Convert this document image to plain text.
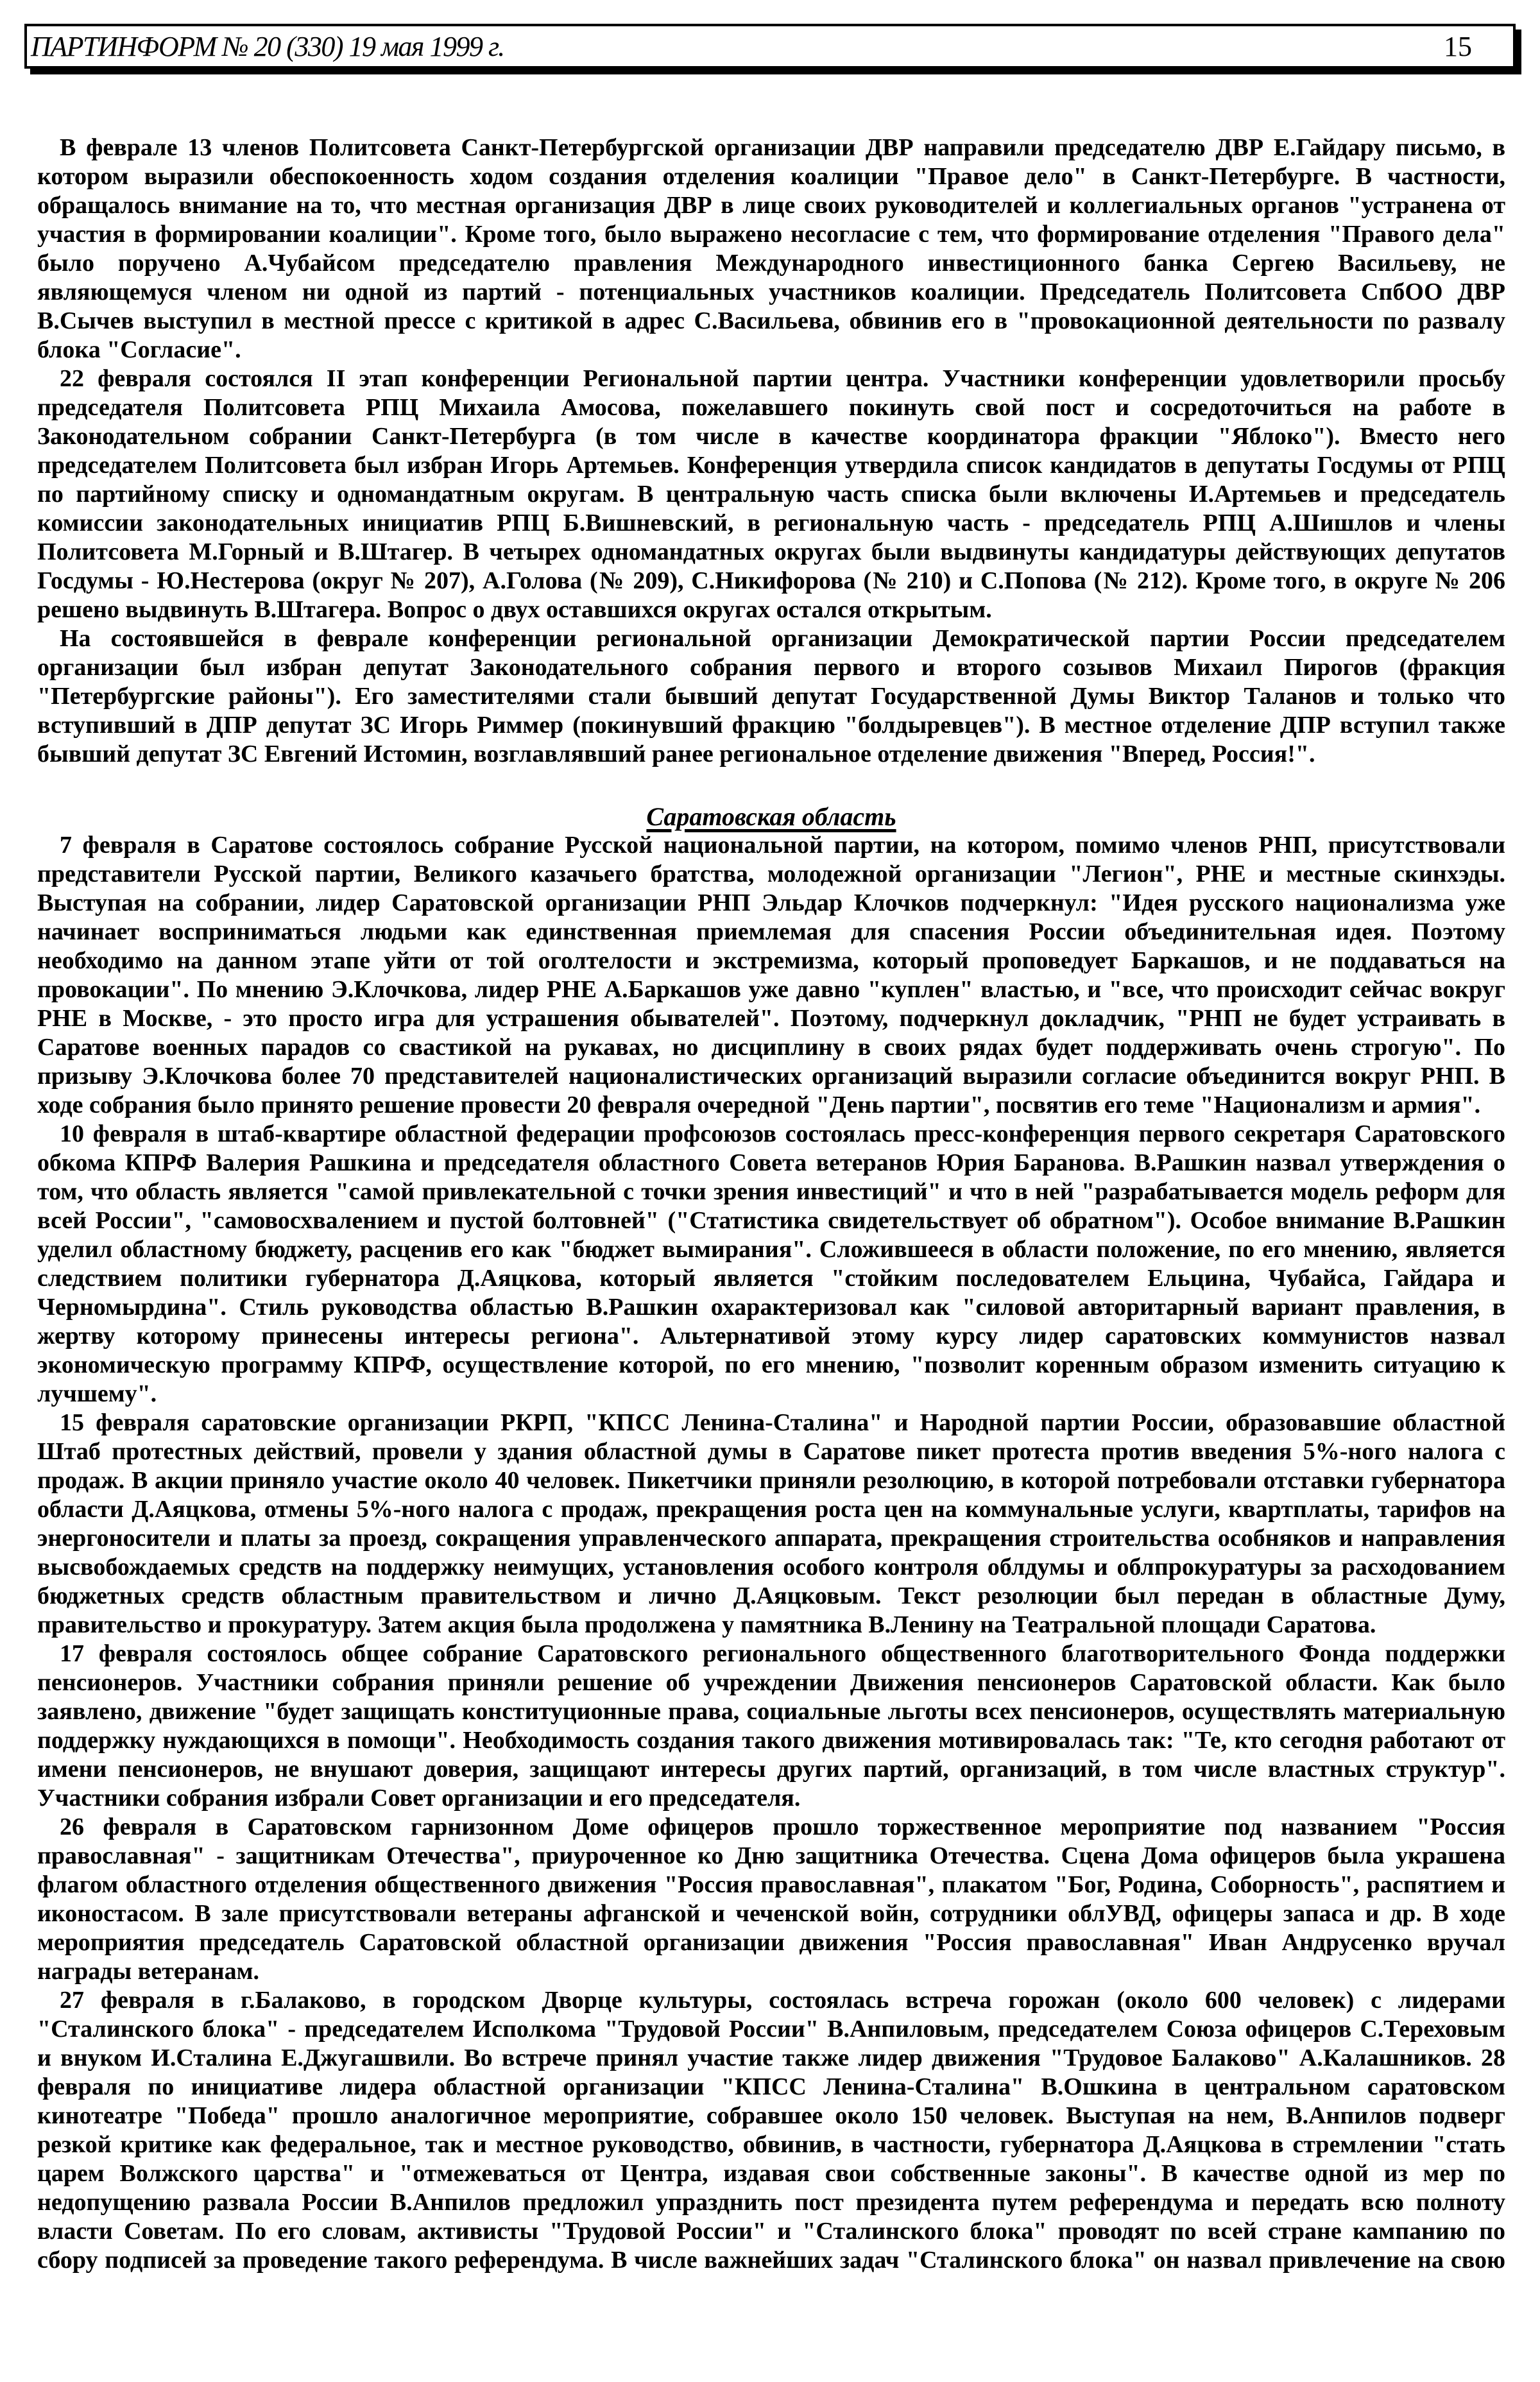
ПАРТИНФОРМ № 20 (330) 19 мая 1999 г.	15
В феврале 13 членов Политсовета Санкт-Петербургской организации ДВР направили председателю ДВР Е.Гайдару письмо, в
котором выразили обеспокоенность ходом создания отделения коалиции "Правое дело" в Санкт-Петербурге. В частности,
обращалось внимание на то, что местная организация ДВР в лице своих руководителей и коллегиальных органов "устранена от
участия в формировании коалиции". Кроме того, было выражено несогласие с тем, что формирование отделения "Правого дела"
было поручено А.Чубайсом председателю правления Международного инвестиционного банка Сергею Васильеву, не
являющемуся членом ни одной из партий - потенциальных участников коалиции. Председатель Политсовета СпбОО ДВР
В.Сычев выступил в местной прессе с критикой в адрес С.Васильева, обвинив его в "провокационной деятельности по развалу
блока "Согласие".
22 февраля состоялся II этап конференции Региональной партии центра. Участники конференции удовлетворили просьбу
председателя Политсовета РПЦ Михаила Амосова, пожелавшего покинуть свой пост и сосредоточиться на работе в
Законодательном собрании Санкт-Петербурга (в том числе в качестве координатора фракции "Яблоко"). Вместо него
председателем Политсовета был избран Игорь Артемьев. Конференция утвердила список кандидатов в депутаты Госдумы от РПЦ
по партийному списку и одномандатным округам. В центральную часть списка были включены И.Артемьев и председатель
комиссии законодательных инициатив РПЦ Б.Вишневский, в региональную часть - председатель РПЦ А.Шишлов и члены
Политсовета М.Горный и В.Штагер. В четырех одномандатных округах были выдвинуты кандидатуры действующих депутатов
Госдумы - Ю.Нестерова (округ № 207), А.Голова (№ 209), С.Никифорова (№ 210) и С.Попова (№ 212). Кроме того, в округе № 206
решено выдвинуть В.Штагера. Вопрос о двух оставшихся округах остался открытым.
На состоявшейся в феврале конференции региональной организации Демократической партии России председателем
организации был избран депутат Законодательного собрания первого и второго созывов Михаил Пирогов (фракция
"Петербургские районы"). Его заместителями стали бывший депутат Государственной Думы Виктор Таланов и только что
вступивший в ДПР депутат ЗС Игорь Риммер (покинувший фракцию "болдыревцев"). В местное отделение ДПР вступил также
бывший депутат ЗС Евгений Истомин, возглавлявший ранее региональное отделение движения "Вперед, Россия!".
Саратовская область
7 февраля в Саратове состоялось собрание Русской национальной партии, на котором, помимо членов РНП, присутствовали
представители Русской партии, Великого казачьего братства, молодежной организации "Легион", РНЕ и местные скинхэды.
Выступая на собрании, лидер Саратовской организации РНП Эльдар Клочков подчеркнул: "Идея русского национализма уже
начинает восприниматься людьми как единственная приемлемая для спасения России объединительная идея. Поэтому
необходимо на данном этапе уйти от той оголтелости и экстремизма, который проповедует Баркашов, и не поддаваться на
провокации". По мнению Э.Клочкова, лидер РНЕ А.Баркашов уже давно "куплен" властью, и "все, что происходит сейчас вокруг
РНЕ в Москве, - это просто игра для устрашения обывателей". Поэтому, подчеркнул докладчик, "РНП не будет устраивать в
Саратове военных парадов со свастикой на рукавах, но дисциплину в своих рядах будет поддерживать очень строгую". По
призыву Э.Клочкова более 70 представителей националистических организаций выразили согласие объединится вокруг РНП. В
ходе собрания было принято решение провести 20 февраля очередной "День партии", посвятив его теме "Национализм и армия".
10 февраля в штаб-квартире областной федерации профсоюзов состоялась пресс-конференция первого секретаря Саратовского
обкома КПРФ Валерия Рашкина и председателя областного Совета ветеранов Юрия Баранова. В.Рашкин назвал утверждения о
том, что область является "самой привлекательной с точки зрения инвестиций" и что в ней "разрабатывается модель реформ для
всей России", "самовосхвалением и пустой болтовней" ("Статистика свидетельствует об обратном"). Особое внимание В.Рашкин
уделил областному бюджету, расценив его как "бюджет вымирания". Сложившееся в области положение, по его мнению, является
следствием политики губернатора Д.Аяцкова, который является "стойким последователем Ельцина, Чубайса, Гайдара и
Черномырдина". Стиль руководства областью В.Рашкин охарактеризовал как "силовой авторитарный вариант правления, в
жертву которому принесены интересы региона". Альтернативой этому курсу лидер саратовских коммунистов назвал
экономическую программу КПРФ, осуществление которой, по его мнению, "позволит коренным образом изменить ситуацию к
лучшему".
15 февраля саратовские организации РКРП, "КПСС Ленина-Сталина" и Народной партии России, образовавшие областной
Штаб протестных действий, провели у здания областной думы в Саратове пикет протеста против введения 5%-ного налога с
продаж. В акции приняло участие около 40 человек. Пикетчики приняли резолюцию, в которой потребовали отставки губернатора
области Д.Аяцкова, отмены 5%-ного налога с продаж, прекращения роста цен на коммунальные услуги, квартплаты, тарифов на
энергоносители и платы за проезд, сокращения управленческого аппарата, прекращения строительства особняков и направления
высвобождаемых средств на поддержку неимущих, установления особого контроля облдумы и облпрокуратуры за расходованием
бюджетных средств областным правительством и лично Д.Аяцковым. Текст резолюции был передан в областные Думу,
правительство и прокуратуру. Затем акция была продолжена у памятника В.Ленину на Театральной площади Саратова.
17 февраля состоялось общее собрание Саратовского регионального общественного благотворительного Фонда поддержки
пенсионеров. Участники собрания приняли решение об учреждении Движения пенсионеров Саратовской области. Как было
заявлено, движение "будет защищать конституционные права, социальные льготы всех пенсионеров, осуществлять материальную
поддержку нуждающихся в помощи". Необходимость создания такого движения мотивировалась так: "Те, кто сегодня работают от
имени пенсионеров, не внушают доверия, защищают интересы других партий, организаций, в том числе властных структур".
Участники собрания избрали Совет организации и его председателя.
26 февраля в Саратовском гарнизонном Доме офицеров прошло торжественное мероприятие под названием "Россия
православная" - защитникам Отечества", приуроченное ко Дню защитника Отечества. Сцена Дома офицеров была украшена
флагом областного отделения общественного движения "Россия православная", плакатом "Бог, Родина, Соборность", распятием и
иконостасом. В зале присутствовали ветераны афганской и чеченской войн, сотрудники облУВД, офицеры запаса и др. В ходе
мероприятия председатель Саратовской областной организации движения "Россия православная" Иван Андрусенко вручал
награды ветеранам.
27 февраля в г.Балаково, в городском Дворце культуры, состоялась встреча горожан (около 600 человек) с лидерами
"Сталинского блока" - председателем Исполкома "Трудовой России" В.Анпиловым, председателем Союза офицеров С.Тереховым
и внуком И.Сталина Е.Джугашвили. Во встрече принял участие также лидер движения "Трудовое Балаково" А.Калашников. 28
февраля по инициативе лидера областной организации "КПСС Ленина-Сталина" В.Ошкина в центральном саратовском
кинотеатре "Победа" прошло аналогичное мероприятие, собравшее около 150 человек. Выступая на нем, В.Анпилов подверг
резкой критике как федеральное, так и местное руководство, обвинив, в частности, губернатора Д.Аяцкова в стремлении "стать
царем Волжского царства" и "отмежеваться от Центра, издавая свои собственные законы". В качестве одной из мер по
недопущению развала России В.Анпилов предложил упразднить пост президента путем референдума и передать всю полноту
власти Советам. По его словам, активисты "Трудовой России" и "Сталинского блока" проводят по всей стране кампанию по
сбору подписей за проведение такого референдума. В числе важнейших задач "Сталинского блока" он назвал привлечение на свою
